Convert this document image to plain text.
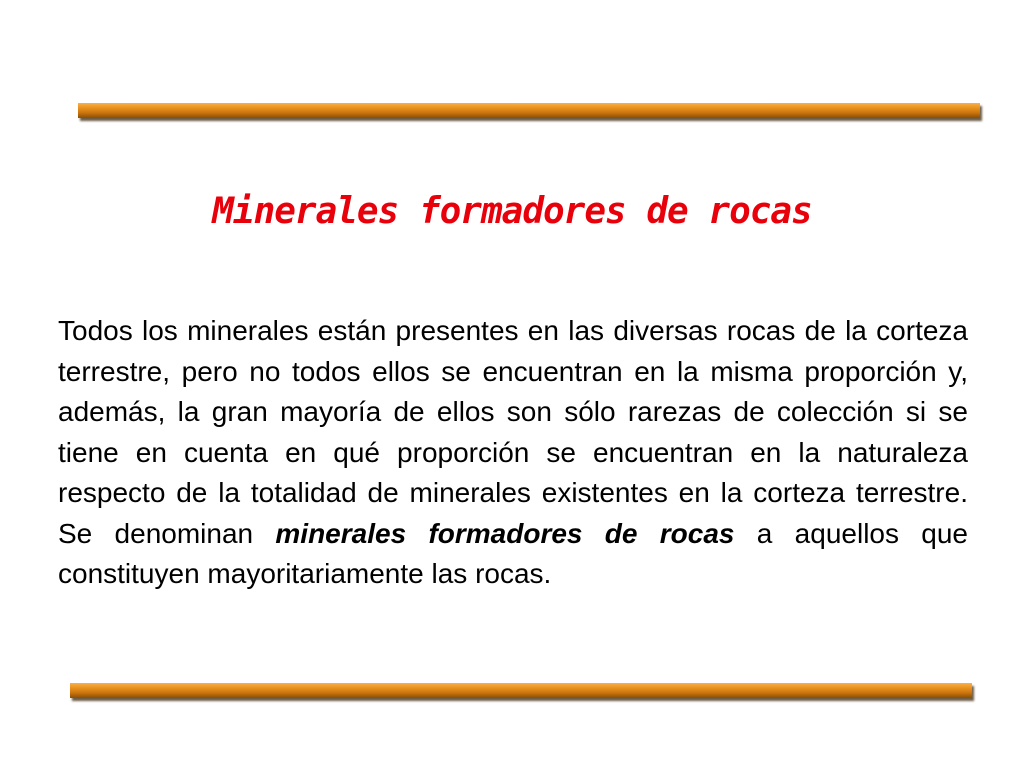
Minerales formadores de rocas

Todos los minerales están presentes en las diversas rocas de la corteza terrestre, pero no todos ellos se encuentran en la misma proporción y, además, la gran mayoría de ellos son sólo rarezas de colección si se tiene en cuenta en qué proporción se encuentran en la naturaleza respecto de la totalidad de minerales existentes en la corteza terrestre. Se denominan minerales formadores de rocas a aquellos que constituyen mayoritariamente las rocas.
